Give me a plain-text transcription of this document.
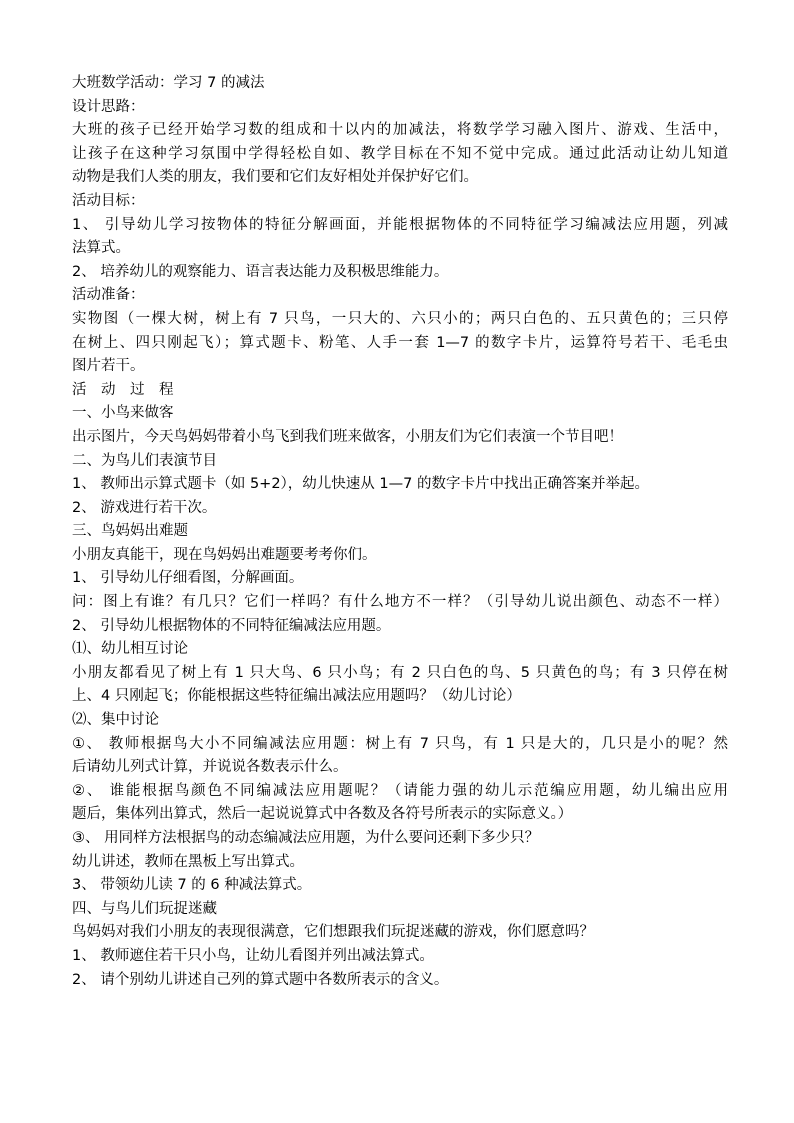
大班数学活动：学习 7 的减法
设计思路：
大班的孩子已经开始学习数的组成和十以内的加减法，将数学学习融入图片、游戏、生活中，
让孩子在这种学习氛围中学得轻松自如、教学目标在不知不觉中完成。通过此活动让幼儿知道
动物是我们人类的朋友，我们要和它们友好相处并保护好它们。
活动目标：
1、 引导幼儿学习按物体的特征分解画面，并能根据物体的不同特征学习编减法应用题，列减
法算式。
2、 培养幼儿的观察能力、语言表达能力及积极思维能力。
活动准备：
实物图（一棵大树，树上有 7 只鸟，一只大的、六只小的；两只白色的、五只黄色的；三只停
在树上、四只刚起飞）；算式题卡、粉笔、人手一套 1—7 的数字卡片，运算符号若干、毛毛虫
图片若干。
活　动　过　程
一、小鸟来做客
出示图片，今天鸟妈妈带着小鸟飞到我们班来做客，小朋友们为它们表演一个节目吧！
二、为鸟儿们表演节目
1、 教师出示算式题卡（如 5+2），幼儿快速从 1—7 的数字卡片中找出正确答案并举起。
2、 游戏进行若干次。
三、鸟妈妈出难题
小朋友真能干，现在鸟妈妈出难题要考考你们。
1、 引导幼儿仔细看图，分解画面。
问：图上有谁？有几只？它们一样吗？有什么地方不一样？（引导幼儿说出颜色、动态不一样）
2、 引导幼儿根据物体的不同特征编减法应用题。
⑴、幼儿相互讨论
小朋友都看见了树上有 1 只大鸟、6 只小鸟；有 2 只白色的鸟、5 只黄色的鸟；有 3 只停在树
上、4 只刚起飞；你能根据这些特征编出减法应用题吗？（幼儿讨论）
⑵、集中讨论
①、 教师根据鸟大小不同编减法应用题：树上有 7 只鸟，有 1 只是大的，几只是小的呢？然
后请幼儿列式计算，并说说各数表示什么。
②、 谁能根据鸟颜色不同编减法应用题呢？（请能力强的幼儿示范编应用题，幼儿编出应用
题后，集体列出算式，然后一起说说算式中各数及各符号所表示的实际意义。）
③、 用同样方法根据鸟的动态编减法应用题，为什么要问还剩下多少只？
幼儿讲述，教师在黑板上写出算式。
3、 带领幼儿读 7 的 6 种减法算式。
四、与鸟儿们玩捉迷藏
鸟妈妈对我们小朋友的表现很满意，它们想跟我们玩捉迷藏的游戏，你们愿意吗？
1、 教师遮住若干只小鸟，让幼儿看图并列出减法算式。
2、 请个别幼儿讲述自己列的算式题中各数所表示的含义。
